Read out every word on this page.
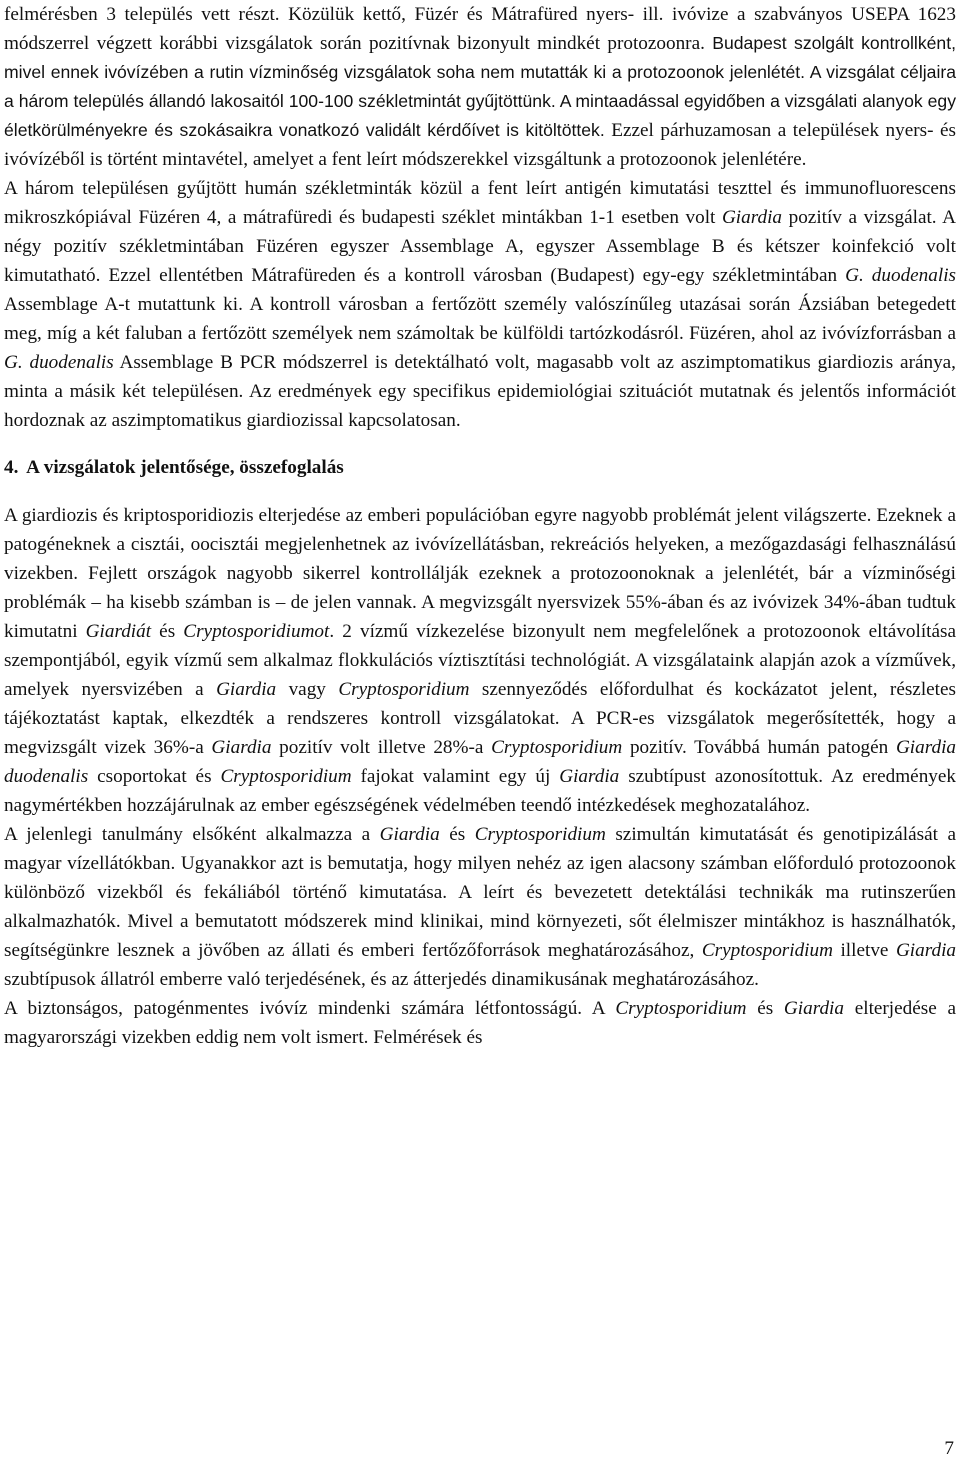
felmérésben 3 település vett részt. Közülük kettő, Füzér és Mátrafüred nyers- ill. ivóvize a szabványos USEPA 1623 módszerrel végzett korábbi vizsgálatok során pozitívnak bizonyult mindkét protozoonra. Budapest szolgált kontrollként, mivel ennek ivóvízében a rutin vízminőség vizsgálatok soha nem mutatták ki a protozoonok jelenlétét. A vizsgálat céljaira a három település állandó lakosaitól 100-100 székletmintát gyűjtöttünk. A mintaadással egyidőben a vizsgálati alanyok egy életkörülményekre és szokásaikra vonatkozó validált kérdőívet is kitöltöttek. Ezzel párhuzamosan a települések nyers- és ivóvízéből is történt mintavétel, amelyet a fent leírt módszerekkel vizsgáltunk a protozoonok jelenlétére.

A három településen gyűjtött humán székletminták közül a fent leírt antigén kimutatási teszttel és immunofluorescens mikroszkópiával Füzéren 4, a mátrafüredi és budapesti széklet mintákban 1-1 esetben volt Giardia pozitív a vizsgálat. A négy pozitív székletmintában Füzéren egyszer Assemblage A, egyszer Assemblage B és kétszer koinfekció volt kimutatható. Ezzel ellentétben Mátrafüreden és a kontroll városban (Budapest) egy-egy székletmintában G. duodenalis Assemblage A-t mutattunk ki. A kontroll városban a fertőzött személy valószínűleg utazásai során Ázsiában betegedett meg, míg a két faluban a fertőzött személyek nem számoltak be külföldi tartózkodásról. Füzéren, ahol az ivóvízforrásban a G. duodenalis Assemblage B PCR módszerrel is detektálható volt, magasabb volt az aszimptomatikus giardiozis aránya, minta a másik két településen. Az eredmények egy specifikus epidemiológiai szituációt mutatnak és jelentős információt hordoznak az aszimptomatikus giardiozissal kapcsolatosan.

4. A vizsgálatok jelentősége, összefoglalás

A giardiozis és kriptosporidiozis elterjedése az emberi populációban egyre nagyobb problémát jelent világszerte. Ezeknek a patogéneknek a cisztái, oocisztái megjelenhetnek az ivóvízellátásban, rekreációs helyeken, a mezőgazdasági felhasználású vizekben. Fejlett országok nagyobb sikerrel kontrollálják ezeknek a protozoonoknak a jelenlétét, bár a vízminőségi problémák – ha kisebb számban is – de jelen vannak. A megvizsgált nyersvizek 55%-ában és az ivóvizek 34%-ában tudtuk kimutatni Giardiát és Cryptosporidiumot. 2 vízmű vízkezelése bizonyult nem megfelelőnek a protozoonok eltávolítása szempontjából, egyik vízmű sem alkalmaz flokkulációs víztisztítási technológiát. A vizsgálataink alapján azok a vízművek, amelyek nyersvizében a Giardia vagy Cryptosporidium szennyeződés előfordulhat és kockázatot jelent, részletes tájékoztatást kaptak, elkezdték a rendszeres kontroll vizsgálatokat. A PCR-es vizsgálatok megerősítették, hogy a megvizsgált vizek 36%-a Giardia pozitív volt illetve 28%-a Cryptosporidium pozitív. Továbbá humán patogén Giardia duodenalis csoportokat és Cryptosporidium fajokat valamint egy új Giardia szubtípust azonosítottuk. Az eredmények nagymértékben hozzájárulnak az ember egészségének védelmében teendő intézkedések meghozatalához.

A jelenlegi tanulmány elsőként alkalmazza a Giardia és Cryptosporidium szimultán kimutatását és genotipizálását a magyar vízellátókban. Ugyanakkor azt is bemutatja, hogy milyen nehéz az igen alacsony számban előforduló protozoonok különböző vizekből és fekáliából történő kimutatása. A leírt és bevezetett detektálási technikák ma rutinszerűen alkalmazhatók. Mivel a bemutatott módszerek mind klinikai, mind környezeti, sőt élelmiszer mintákhoz is használhatók, segítségünkre lesznek a jövőben az állati és emberi fertőzőforrások meghatározásához, Cryptosporidium illetve Giardia szubtípusok állatról emberre való terjedésének, és az átterjedés dinamikusának meghatározásához.

A biztonságos, patogénmentes ivóvíz mindenki számára létfontosságú. A Cryptosporidium és Giardia elterjedése a magyarországi vizekben eddig nem volt ismert. Felmérések és

7
